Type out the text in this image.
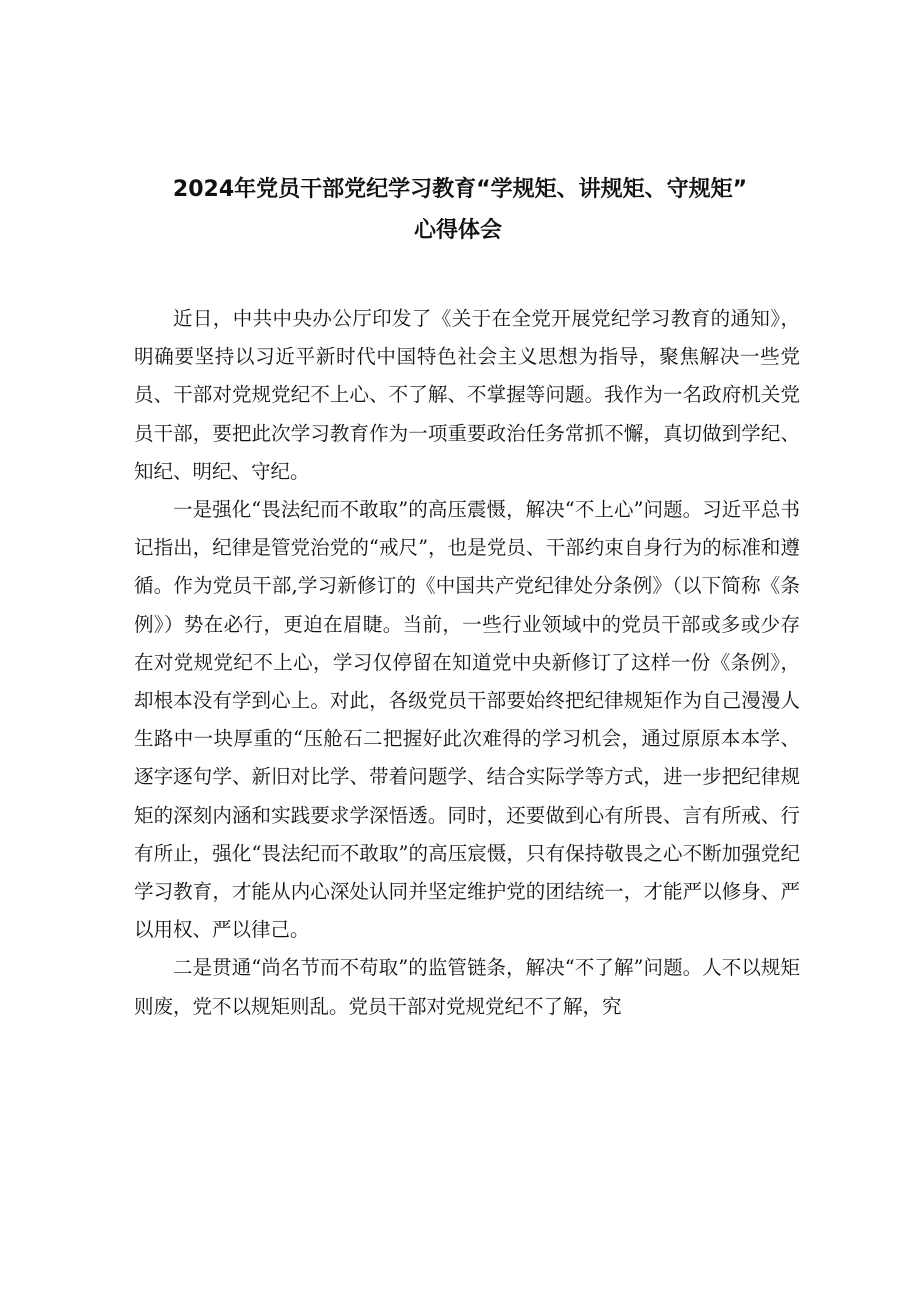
2024年党员干部党纪学习教育“学规矩、讲规矩、守规矩”
心得体会

近日，中共中央办公厅印发了《关于在全党开展党纪学习教育的通知》，明确要坚持以习近平新时代中国特色社会主义思想为指导，聚焦解决一些党员、干部对党规党纪不上心、不了解、不掌握等问题。我作为一名政府机关党员干部，要把此次学习教育作为一项重要政治任务常抓不懈，真切做到学纪、知纪、明纪、守纪。

一是强化“畏法纪而不敢取”的高压震慑，解决“不上心”问题。习近平总书记指出，纪律是管党治党的“戒尺”，也是党员、干部约束自身行为的标准和遵循。作为党员干部,学习新修订的《中国共产党纪律处分条例》（以下简称《条例》）势在必行，更迫在眉睫。当前，一些行业领域中的党员干部或多或少存在对党规党纪不上心，学习仅停留在知道党中央新修订了这样一份《条例》，却根本没有学到心上。对此，各级党员干部要始终把纪律规矩作为自己漫漫人生路中一块厚重的“压舱石二把握好此次难得的学习机会，通过原原本本学、逐字逐句学、新旧对比学、带着问题学、结合实际学等方式，进一步把纪律规矩的深刻内涵和实践要求学深悟透。同时，还要做到心有所畏、言有所戒、行有所止，强化“畏法纪而不敢取”的高压宸慑，只有保持敬畏之心不断加强党纪学习教育，才能从内心深处认同并坚定维护党的团结统一，才能严以修身、严以用权、严以律己。

二是贯通“尚名节而不苟取”的监管链条，解决“不了解”问题。人不以规矩则废，党不以规矩则乱。党员干部对党规党纪不了解，究
